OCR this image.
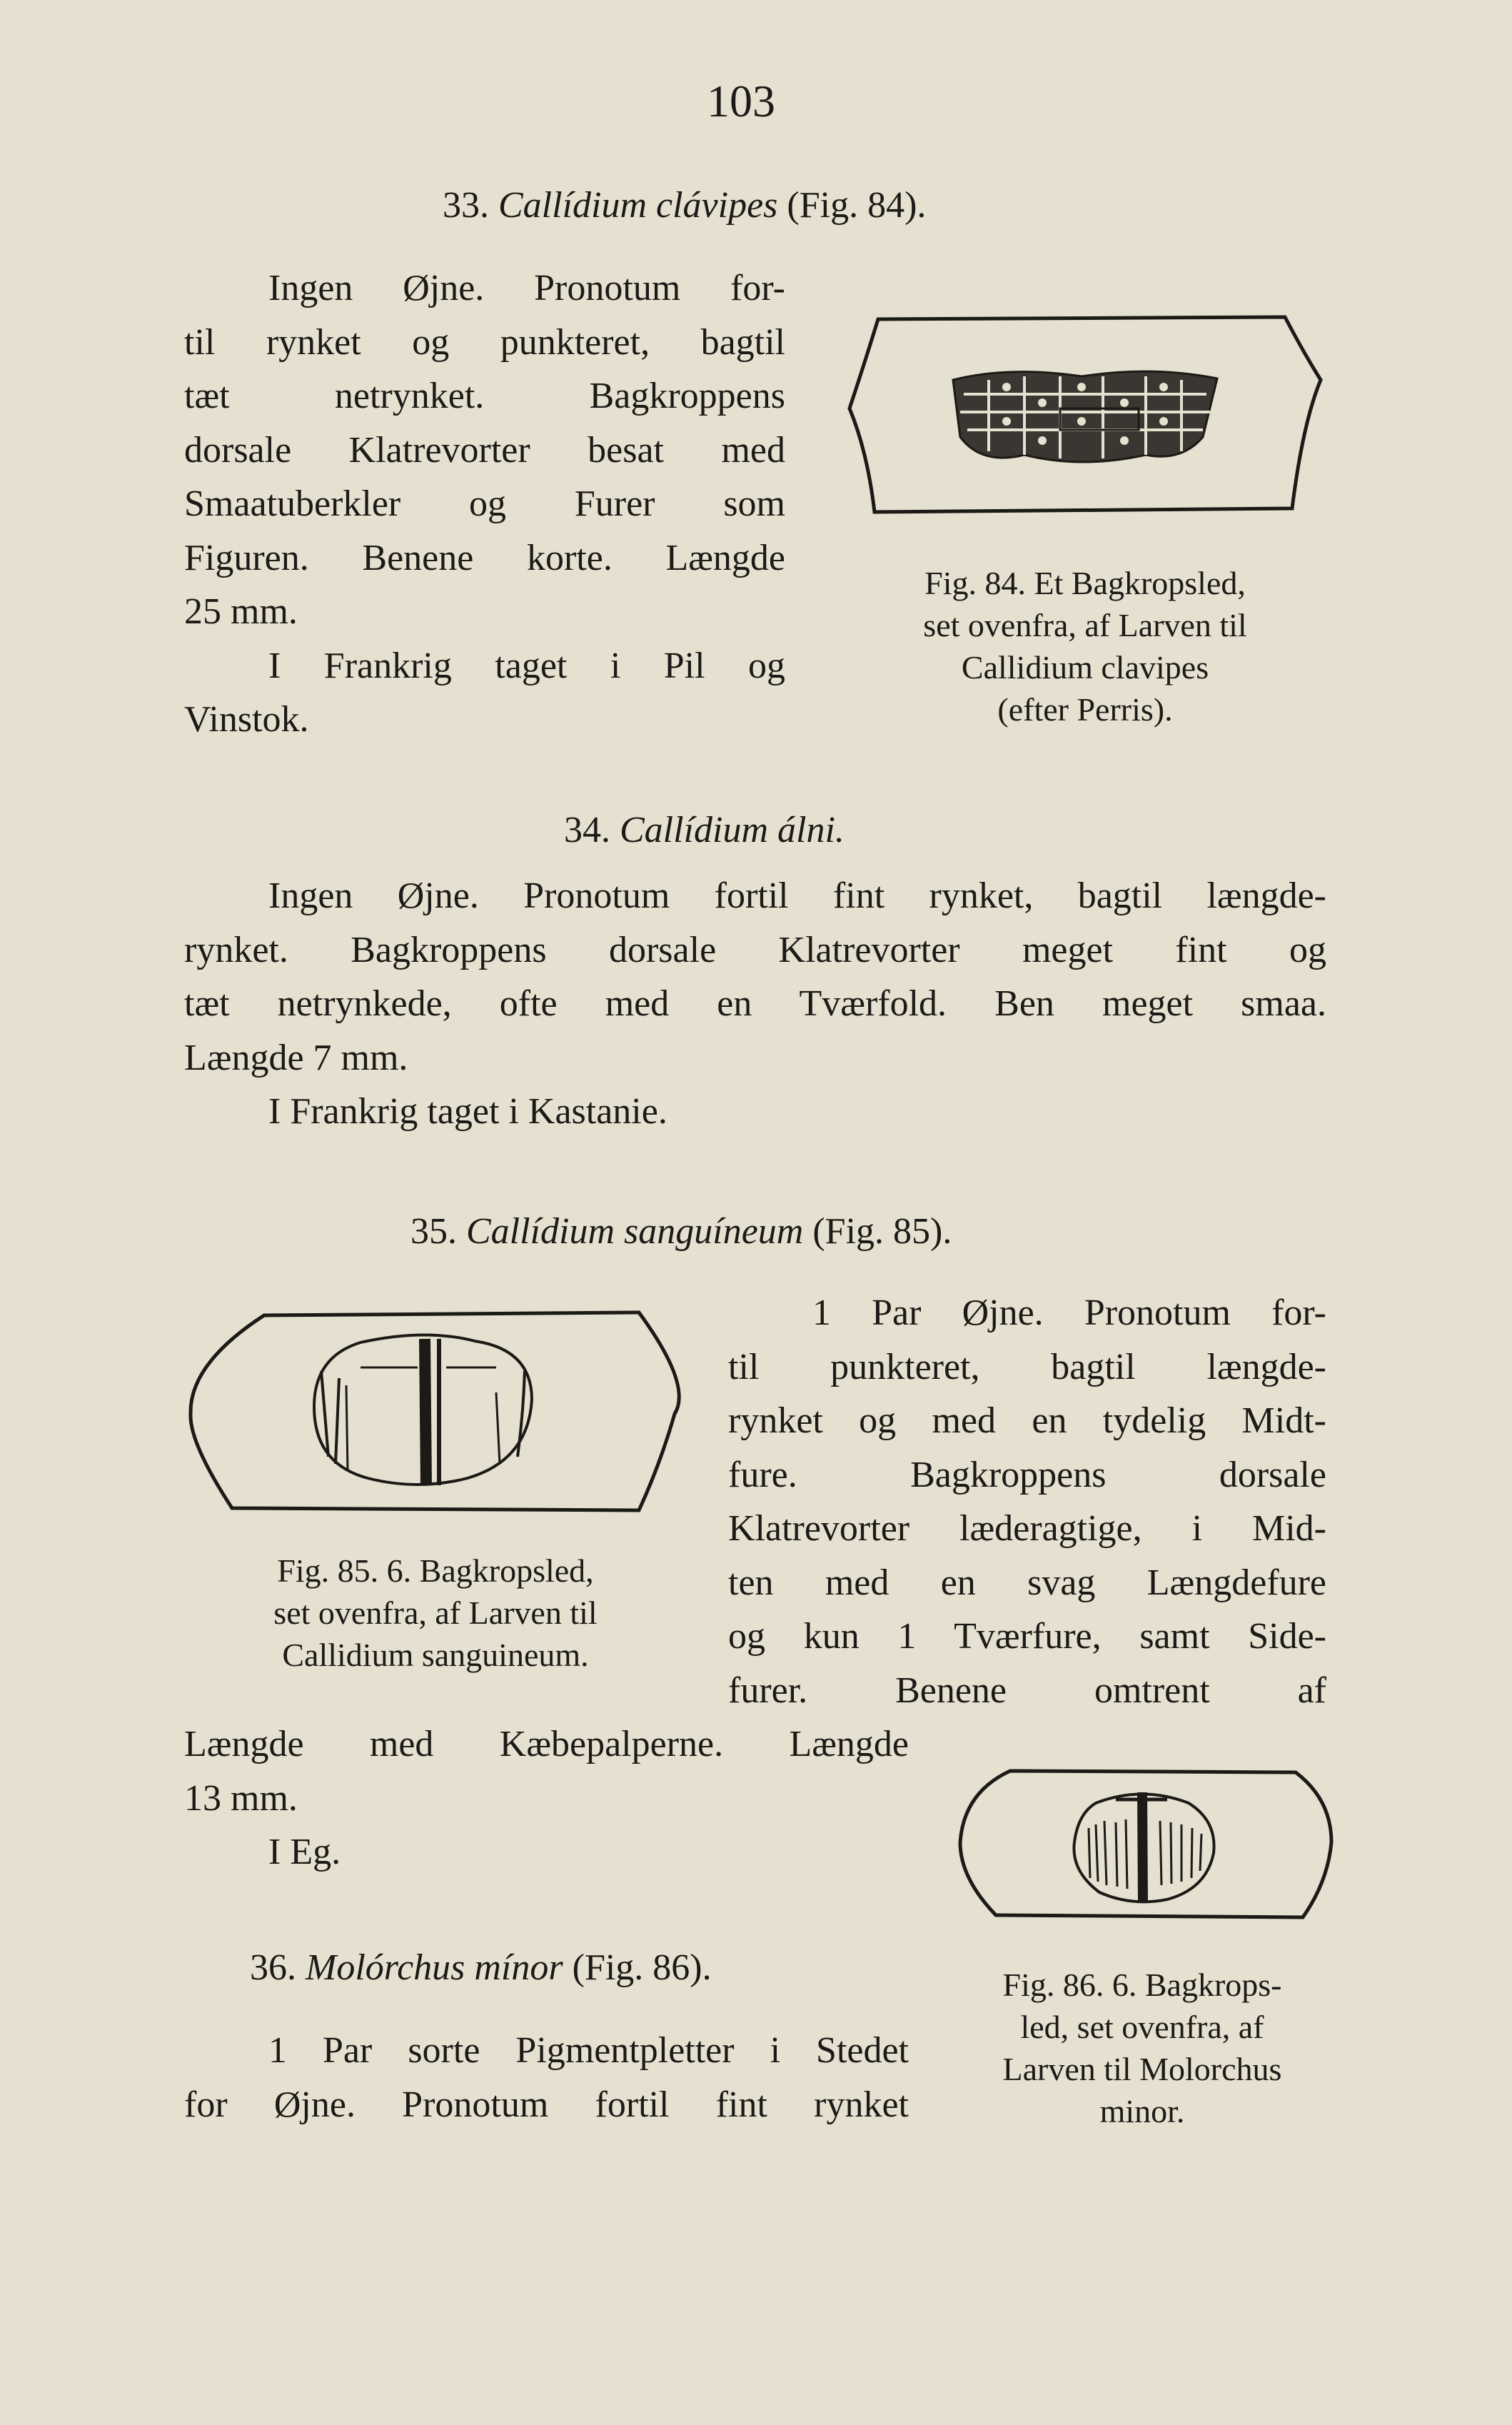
103
33. Callídium clávipes (Fig. 84).
Ingen Øjne. Pronotum for-
til rynket og punkteret, bagtil
tæt netrynket. Bagkroppens
dorsale Klatrevorter besat med
Smaatuberkler og Furer som
Figuren. Benene korte. Længde
25 mm.
I Frankrig taget i Pil og
Vinstok.
Fig. 84. Et Bagkropsled,
set ovenfra, af Larven til
Callidium clavipes
(efter Perris).
34. Callídium álni.
Ingen Øjne. Pronotum fortil fint rynket, bagtil længde-
rynket. Bagkroppens dorsale Klatrevorter meget fint og
tæt netrynkede, ofte med en Tværfold. Ben meget smaa.
Længde 7 mm.
I Frankrig taget i Kastanie.
35. Callídium sanguíneum (Fig. 85).
Fig. 85. 6. Bagkropsled,
set ovenfra, af Larven til
Callidium sanguineum.
1 Par Øjne. Pronotum for-
til punkteret, bagtil længde-
rynket og med en tydelig Midt-
fure. Bagkroppens dorsale
Klatrevorter læderagtige, i Mid-
ten med en svag Længdefure
og kun 1 Tværfure, samt Side-
furer. Benene omtrent af
Længde med Kæbepalperne. Længde
13 mm.
I Eg.
Fig. 86. 6. Bagkrops-
led, set ovenfra, af
Larven til Molorchus
minor.
36. Molórchus mínor (Fig. 86).
1 Par sorte Pigmentpletter i Stedet
for Øjne. Pronotum fortil fint rynket
